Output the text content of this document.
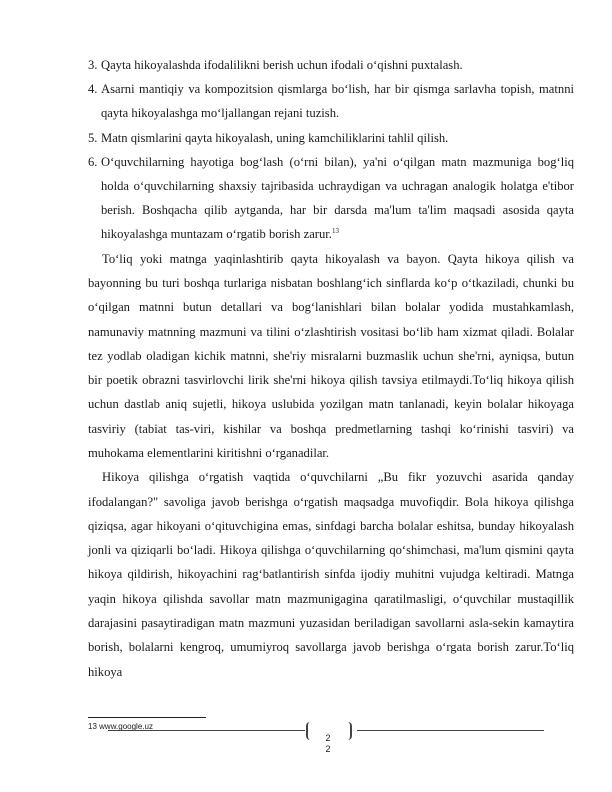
3. Qayta hikoyalashda ifodalilikni berish uchun ifodali o‘qishni puxtalash.
4. Asarni mantiqiy va kompozitsion qismlarga bo‘lish, har bir qismga sarlavha topish, matnni qayta hikoyalashga mo‘ljallangan rejani tuzish.
5. Matn qismlarini qayta hikoyalash, uning kamchiliklarini tahlil qilish.
6. O‘quvchilarning hayotiga bog‘lash (o‘rni bilan), ya'ni o‘qilgan matn mazmuniga bog‘liq holda o‘quvchilarning shaxsiy tajribasida uchraydigan va uchragan analogik holatga e'tibor berish. Boshqacha qilib aytganda, har bir darsda ma'lum ta'lim maqsadi asosida qayta hikoyalashga muntazam o‘rgatib borish zarur.$^{13}$
To‘liq yoki matnga yaqinlashtirib qayta hikoyalash va bayon. Qayta hikoya qilish va bayonning bu turi boshqa turlariga nisbatan boshlang‘ich sinflarda ko‘p o‘tkaziladi, chunki bu o‘qilgan matnni butun detallari va bog‘lanishlari bilan bolalar yodida mustahkamlash, namunaviy matnning mazmuni va tilini o‘zlashtirish vositasi bo‘lib ham xizmat qiladi. Bolalar tez yodlab oladigan kichik matnni, she'riy misralarni buzmaslik uchun she'rni, ayniqsa, butun bir poetik obrazni tasvirlovchi lirik she'rni hikoya qilish tavsiya etilmaydi.To‘liq hikoya qilish uchun dastlab aniq sujetli, hikoya uslubida yozilgan matn tanlanadi, keyin bolalar hikoyaga tasviriy (tabiat tas-viri, kishilar va boshqa predmetlarning tashqi ko‘rinishi tasviri) va muhokama elementlarini kiritishni o‘rganadilar.
Hikoya qilishga o‘rgatish vaqtida o‘quvchilarni „Bu fikr yozuvchi asarida qanday ifodalangan?" savoliga javob berishga o‘rgatish maqsadga muvofiqdir. Bola hikoya qilishga qiziqsa, agar hikoyani o‘qituvchigina emas, sinfdagi barcha bolalar eshitsa, bunday hikoyalash jonli va qiziqarli bo‘ladi. Hikoya qilishga o‘quvchilarning qo‘shimchasi, ma'lum qismini qayta hikoya qildirish, hikoyachini rag‘batlantirish sinfda ijodiy muhitni vujudga keltiradi. Matnga yaqin hikoya qilishda savollar matn mazmunigagina qaratilmasligi, o‘quvchilar mustaqillik darajasini pasaytiradigan matn mazmuni yuzasidan beriladigan savollarni asla-sekin kamaytira borish, bolalarni kengroq, umumiyroq savollarga javob berishga o‘rgata borish zarur.To‘liq hikoya
13 www.google.uz
2
2
